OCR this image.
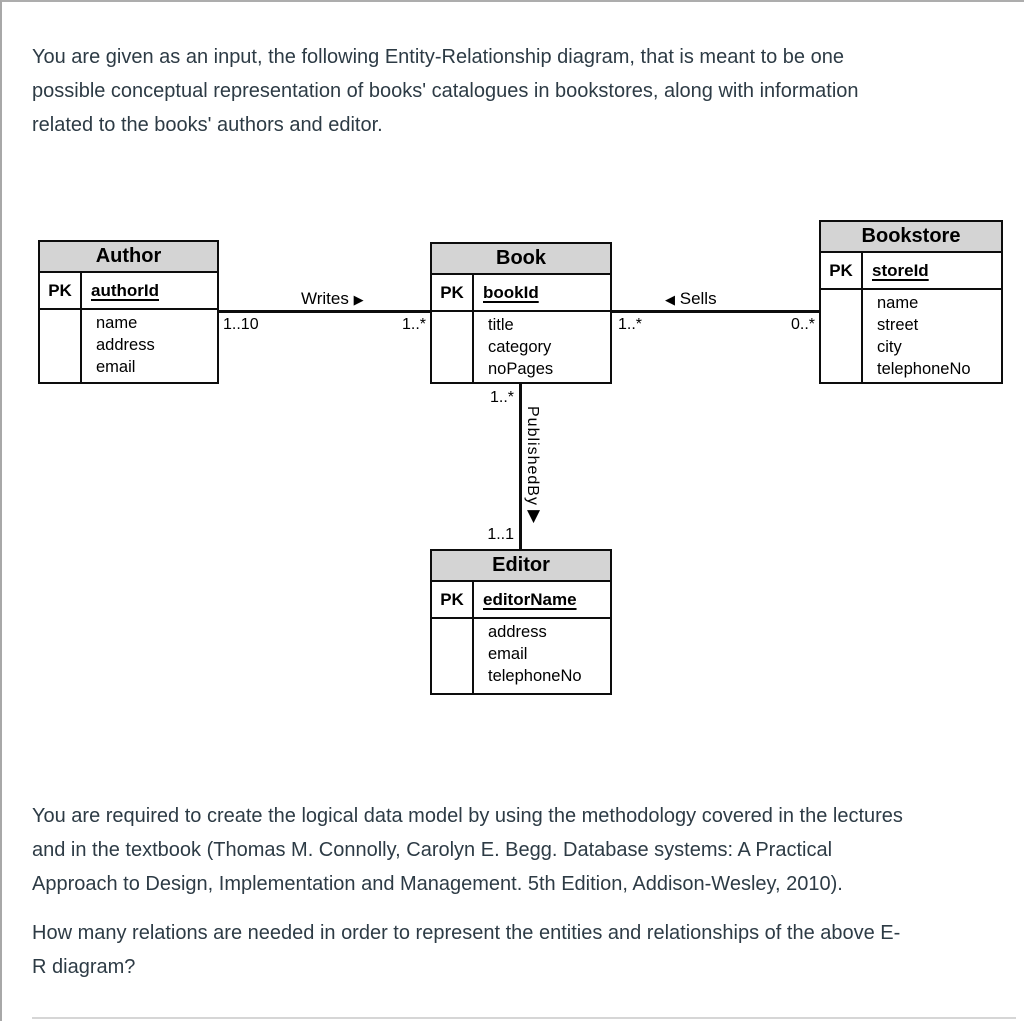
You are given as an input, the following Entity-Relationship diagram, that is meant to be one
possible conceptual representation of books' catalogues in bookstores, along with information
related to the books' authors and editor.
Author
PK	authorId
name
address
email
Book
PK	bookId
title
category
noPages
Bookstore
PK	storeId
name
street
city
telephoneNo
Editor
PK	editorName
address
email
telephoneNo
Writes ▶	◀ Sells
PublishedBy
▼
1..10	1..*	1..*	0..*
1..*
1..1
You are required to create the logical data model by using the methodology covered in the lectures
and in the textbook (Thomas M. Connolly, Carolyn E. Begg. Database systems: A Practical
Approach to Design, Implementation and Management. 5th Edition, Addison-Wesley, 2010).
How many relations are needed in order to represent the entities and relationships of the above E-
R diagram?
